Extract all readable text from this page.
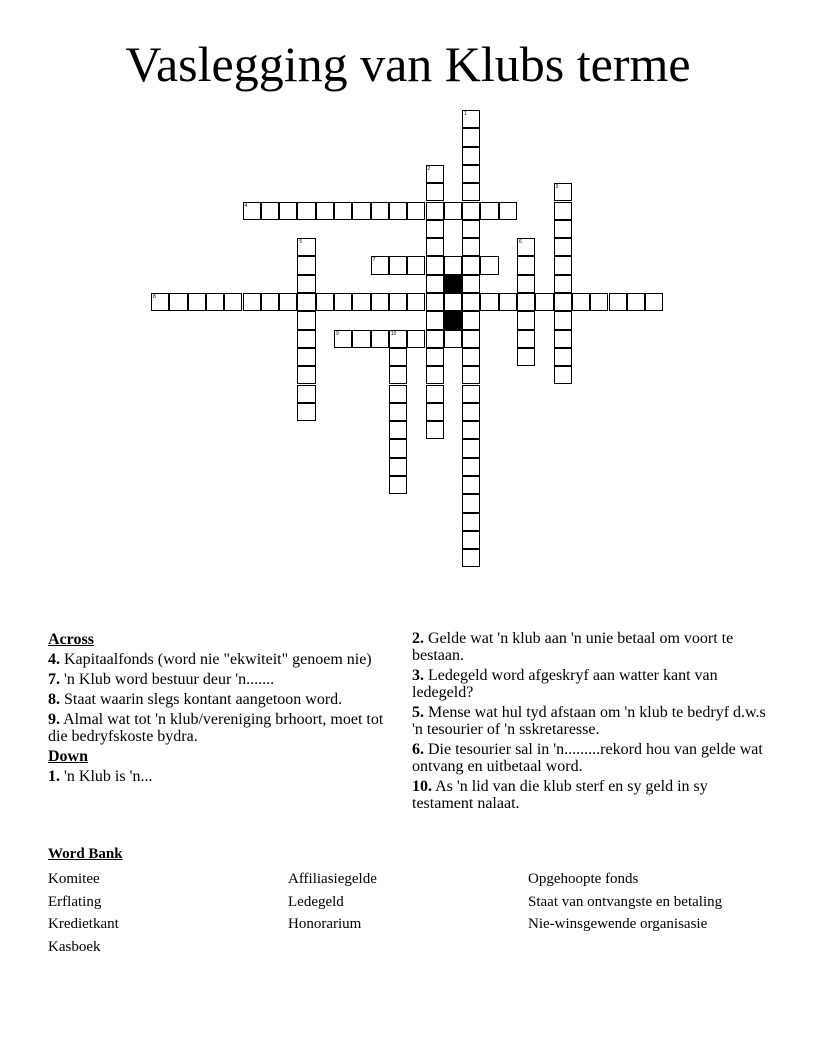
Vaslegging van Klubs terme
1
2
3
4
5	6
7
8
9	10
Across
4. Kapitaalfonds (word nie "ekwiteit" genoem nie)
7. 'n Klub word bestuur deur 'n.......
8. Staat waarin slegs kontant aangetoon word.
9. Almal wat tot 'n klub/vereniging brhoort, moet tot die bedryfskoste bydra.
Down
1. 'n Klub is 'n...
2. Gelde wat 'n klub aan 'n unie betaal om voort te bestaan.
3. Ledegeld word afgeskryf aan watter kant van ledegeld?
5. Mense wat hul tyd afstaan om 'n klub te bedryf d.w.s 'n tesourier of 'n sskretaresse.
6. Die tesourier sal in 'n.........rekord hou van gelde wat ontvang en uitbetaal word.
10. As 'n lid van die klub sterf en sy geld in sy testament nalaat.
Word Bank
Komitee
Erflating
Kredietkant
Kasboek
Affiliasiegelde
Ledegeld
Honorarium
Opgehoopte fonds
Staat van ontvangste en betaling
Nie-winsgewende organisasie
